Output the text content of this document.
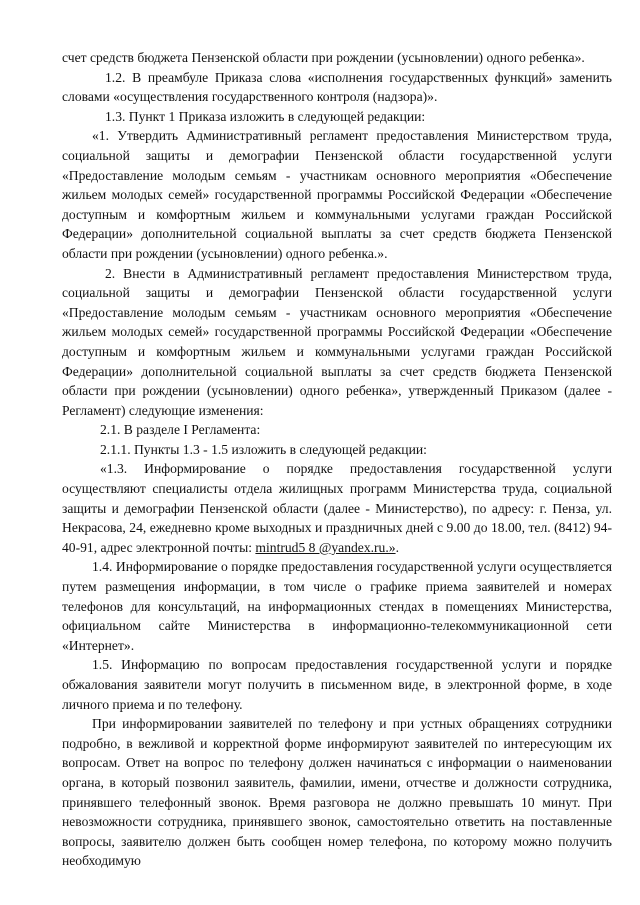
счет средств бюджета Пензенской области при рождении (усыновлении) одного ребенка».

1.2. В преамбуле Приказа слова «исполнения государственных функций» заменить словами «осуществления государственного контроля (надзора)».

1.3. Пункт 1 Приказа изложить в следующей редакции:

«1. Утвердить Административный регламент предоставления Министерством труда, социальной защиты и демографии Пензенской области государственной услуги «Предоставление молодым семьям - участникам основного мероприятия «Обеспечение жильем молодых семей» государственной программы Российской Федерации «Обеспечение доступным и комфортным жильем и коммунальными услугами граждан Российской Федерации» дополнительной социальной выплаты за счет средств бюджета Пензенской области при рождении (усыновлении) одного ребенка.».

2. Внести в Административный регламент предоставления Министерством труда, социальной защиты и демографии Пензенской области государственной услуги «Предоставление молодым семьям - участникам основного мероприятия «Обеспечение жильем молодых семей» государственной программы Российской Федерации «Обеспечение доступным и комфортным жильем и коммунальными услугами граждан Российской Федерации» дополнительной социальной выплаты за счет средств бюджета Пензенской области при рождении (усыновлении) одного ребенка», утвержденный Приказом (далее - Регламент) следующие изменения:

2.1. В разделе I Регламента:

2.1.1. Пункты 1.3 - 1.5 изложить в следующей редакции:

«1.3. Информирование о порядке предоставления государственной услуги осуществляют специалисты отдела жилищных программ Министерства труда, социальной защиты и демографии Пензенской области (далее - Министерство), по адресу: г. Пенза, ул. Некрасова, 24, ежедневно кроме выходных и праздничных дней с 9.00 до 18.00, тел. (8412) 94-40-91, адрес электронной почты: mintrud5 8 @yandex.ru.».

1.4. Информирование о порядке предоставления государственной услуги осуществляется путем размещения информации, в том числе о графике приема заявителей и номерах телефонов для консультаций, на информационных стендах в помещениях Министерства, официальном сайте Министерства в информационно-телекоммуникационной сети «Интернет».

1.5. Информацию по вопросам предоставления государственной услуги и порядке обжалования заявители могут получить в письменном виде, в электронной форме, в ходе личного приема и по телефону.

При информировании заявителей по телефону и при устных обращениях сотрудники подробно, в вежливой и корректной форме информируют заявителей по интересующим их вопросам. Ответ на вопрос по телефону должен начинаться с информации о наименовании органа, в который позвонил заявитель, фамилии, имени, отчестве и должности сотрудника, принявшего телефонный звонок. Время разговора не должно превышать 10 минут. При невозможности сотрудника, принявшего звонок, самостоятельно ответить на поставленные вопросы, заявителю должен быть сообщен номер телефона, по которому можно получить необходимую
